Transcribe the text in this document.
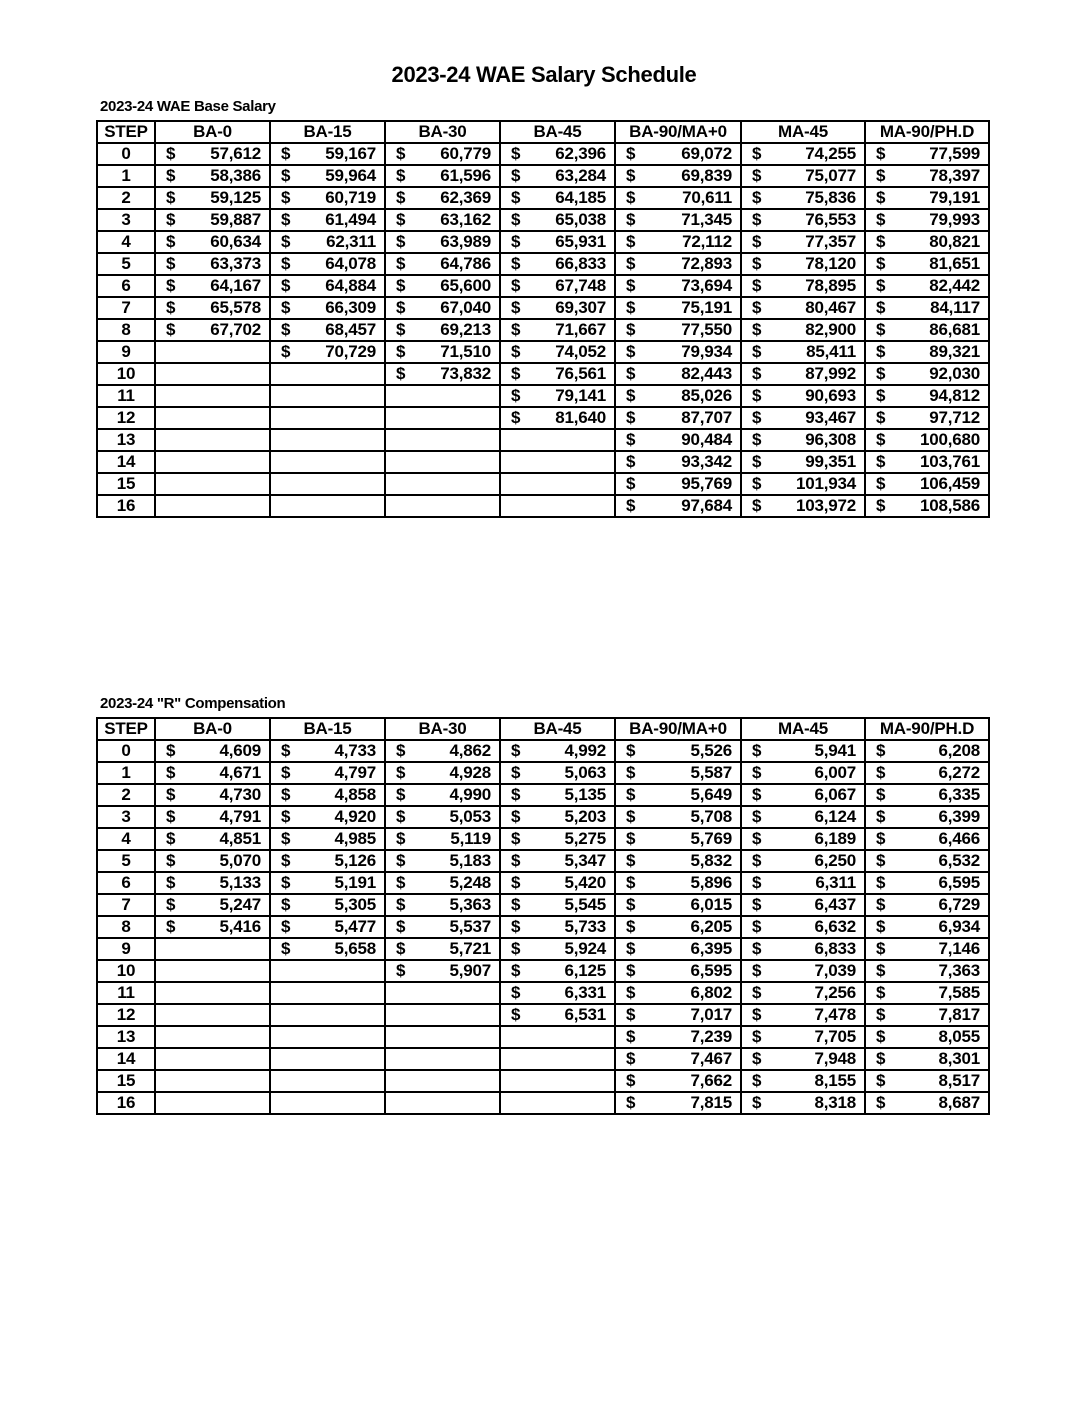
2023-24 WAE Salary Schedule
2023-24 WAE Base Salary
STEP	BA-0	BA-15	BA-30	BA-45	BA-90/MA+0	MA-45	MA-90/PH.D
0	$ 57,612	$ 59,167	$ 60,779	$ 62,396	$ 69,072	$ 74,255	$ 77,599

1	$ 58,386	$ 59,964	$ 61,596	$ 63,284	$ 69,839	$ 75,077	$ 78,397

2	$ 59,125	$ 60,719	$ 62,369	$ 64,185	$ 70,611	$ 75,836	$ 79,191

3	$ 59,887	$ 61,494	$ 63,162	$ 65,038	$ 71,345	$ 76,553	$ 79,993

4	$ 60,634	$ 62,311	$ 63,989	$ 65,931	$ 72,112	$ 77,357	$ 80,821

5	$ 63,373	$ 64,078	$ 64,786	$ 66,833	$ 72,893	$ 78,120	$ 81,651

6	$ 64,167	$ 64,884	$ 65,600	$ 67,748	$ 73,694	$ 78,895	$ 82,442

7	$ 65,578	$ 66,309	$ 67,040	$ 69,307	$ 75,191	$ 80,467	$ 84,117

8	$ 67,702	$ 68,457	$ 69,213	$ 71,667	$ 77,550	$ 82,900	$ 86,681

9		$ 70,729	$ 71,510	$ 74,052	$ 79,934	$ 85,411	$ 89,321

10			$ 73,832	$ 76,561	$ 82,443	$ 87,992	$ 92,030

11				$ 79,141	$ 85,026	$ 90,693	$ 94,812

12				$ 81,640	$ 87,707	$ 93,467	$ 97,712

13					$ 90,484	$ 96,308	$ 100,680

14					$ 93,342	$ 99,351	$ 103,761

15					$ 95,769	$ 101,934	$ 106,459

16					$ 97,684	$ 103,972	$ 108,586
2023-24 "R" Compensation
STEP	BA-0	BA-15	BA-30	BA-45	BA-90/MA+0	MA-45	MA-90/PH.D
0	$ 4,609	$ 4,733	$ 4,862	$ 4,992	$ 5,526	$ 5,941	$ 6,208

1	$ 4,671	$ 4,797	$ 4,928	$ 5,063	$ 5,587	$ 6,007	$ 6,272

2	$ 4,730	$ 4,858	$ 4,990	$ 5,135	$ 5,649	$ 6,067	$ 6,335

3	$ 4,791	$ 4,920	$ 5,053	$ 5,203	$ 5,708	$ 6,124	$ 6,399

4	$ 4,851	$ 4,985	$ 5,119	$ 5,275	$ 5,769	$ 6,189	$ 6,466

5	$ 5,070	$ 5,126	$ 5,183	$ 5,347	$ 5,832	$ 6,250	$ 6,532

6	$ 5,133	$ 5,191	$ 5,248	$ 5,420	$ 5,896	$ 6,311	$ 6,595

7	$ 5,247	$ 5,305	$ 5,363	$ 5,545	$ 6,015	$ 6,437	$ 6,729

8	$ 5,416	$ 5,477	$ 5,537	$ 5,733	$ 6,205	$ 6,632	$ 6,934

9		$ 5,658	$ 5,721	$ 5,924	$ 6,395	$ 6,833	$ 7,146

10			$ 5,907	$ 6,125	$ 6,595	$ 7,039	$ 7,363

11				$ 6,331	$ 6,802	$ 7,256	$ 7,585

12				$ 6,531	$ 7,017	$ 7,478	$ 7,817

13					$ 7,239	$ 7,705	$ 8,055

14					$ 7,467	$ 7,948	$ 8,301

15					$ 7,662	$ 8,155	$ 8,517

16					$ 7,815	$ 8,318	$ 8,687
